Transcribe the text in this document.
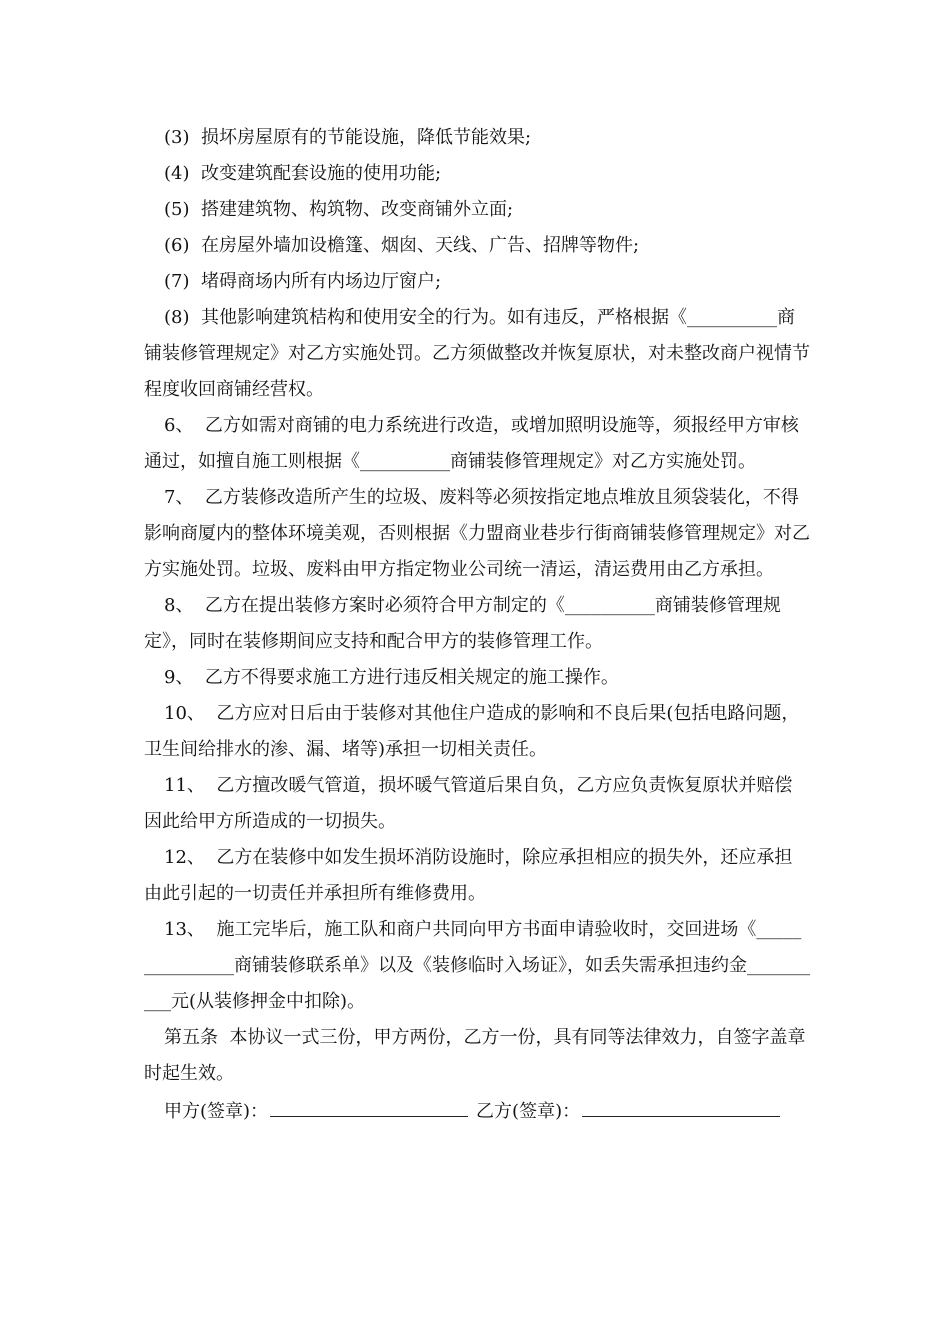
(3)  损坏房屋原有的节能设施，降低节能效果;

(4)  改变建筑配套设施的使用功能;

(5)  搭建建筑物、构筑物、改变商铺外立面;

(6)  在房屋外墙加设檐篷、烟囱、天线、广告、招牌等物件;

(7)  堵碍商场内所有内场边厅窗户;

(8)  其他影响建筑桔构和使用安全的行为。如有违反，严格根据《__________商铺装修管理规定》对乙方实施处罚。乙方须做整改并恢复原状，对未整改商户视情节程度收回商铺经营权。

6、  乙方如需对商铺的电力系统进行改造，或增加照明设施等，须报经甲方审核通过，如擅自施工则根据《__________商铺装修管理规定》对乙方实施处罚。

7、  乙方装修改造所产生的垃圾、废料等必须按指定地点堆放且须袋装化，不得影响商厦内的整体环境美观，否则根据《力盟商业巷步行街商铺装修管理规定》对乙方实施处罚。垃圾、废料由甲方指定物业公司统一清运，清运费用由乙方承担。

8、  乙方在提出装修方案时必须符合甲方制定的《__________商铺装修管理规定》，同时在装修期间应支持和配合甲方的装修管理工作。

9、  乙方不得要求施工方进行违反相关规定的施工操作。

10、  乙方应对日后由于装修对其他住户造成的影响和不良后果(包括电路问题，卫生间给排水的渗、漏、堵等)承担一切相关责任。

11、  乙方擅改暖气管道，损坏暖气管道后果自负，乙方应负责恢复原状并赔偿因此给甲方所造成的一切损失。

12、  乙方在装修中如发生损坏消防设施时，除应承担相应的损失外，还应承担由此引起的一切责任并承担所有维修费用。

13、  施工完毕后，施工队和商户共同向甲方书面申请验收时，交回进场《_______________商铺装修联系单》以及《装修临时入场证》，如丢失需承担违约金__________元(从装修押金中扣除)。

第五条  本协议一式三份，甲方两份，乙方一份，具有同等法律效力，自签字盖章时起生效。

甲方(签章)：	乙方(签章)：
